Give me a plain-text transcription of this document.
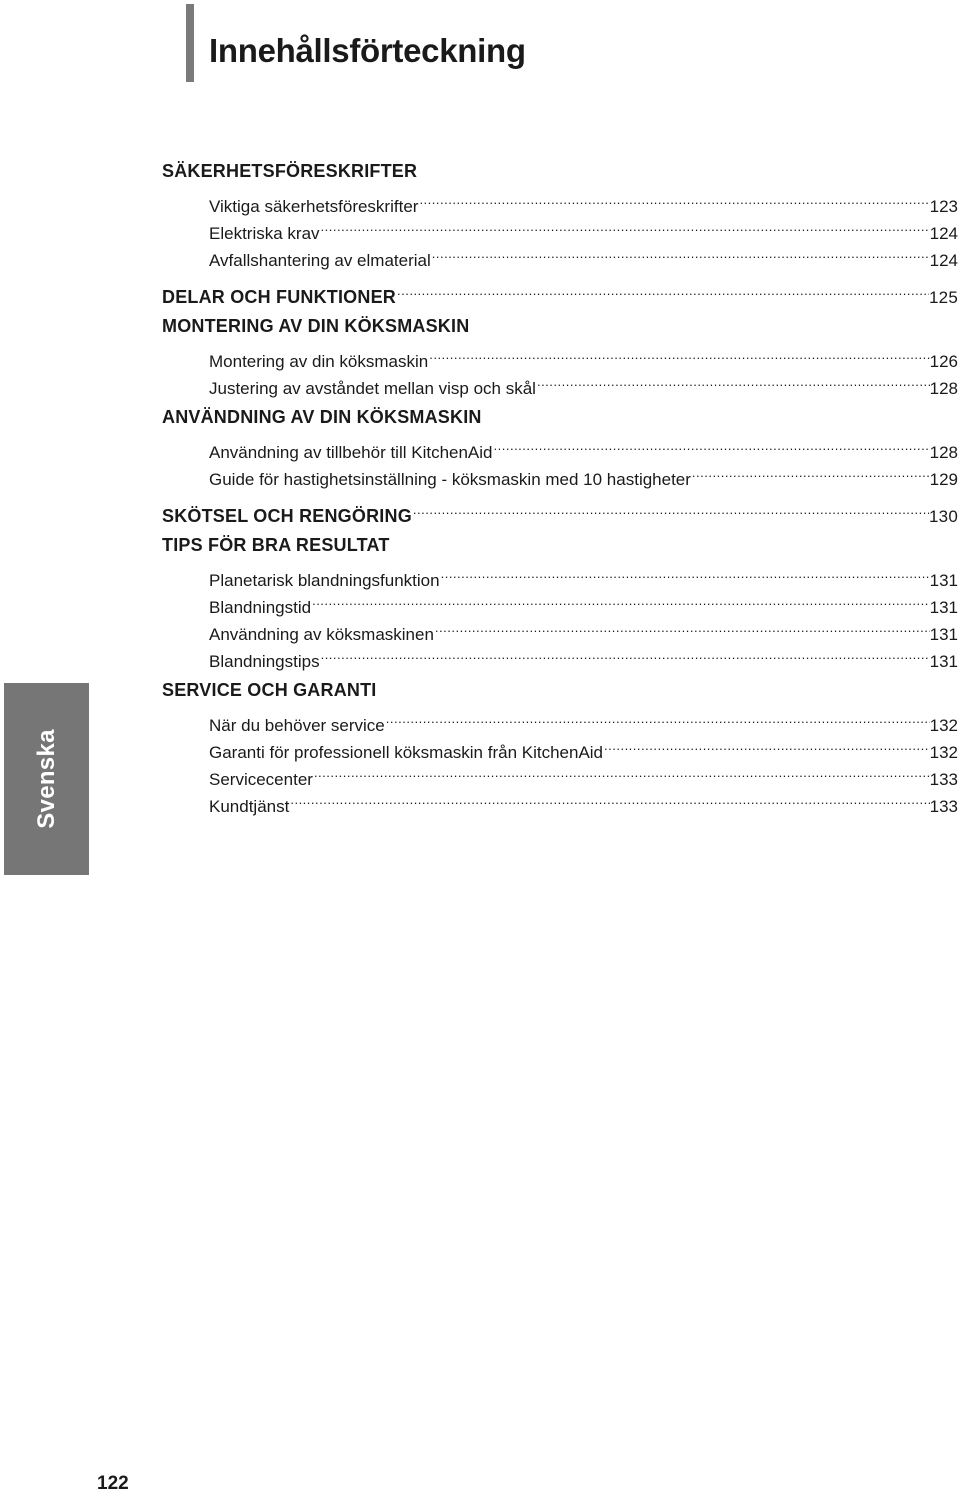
Innehållsförteckning
SÄKERHETSFÖRESKRIFTER
Viktiga säkerhetsföreskrifter .....	123
Elektriska krav .....	124
Avfallshantering av elmaterial .....	124
DELAR OCH FUNKTIONER .....	125
MONTERING AV DIN KÖKSMASKIN
Montering av din köksmaskin .....	126
Justering av avståndet mellan visp och skål .....	128
ANVÄNDNING AV DIN KÖKSMASKIN
Användning av tillbehör till KitchenAid .....	128
Guide för hastighetsinställning - köksmaskin med 10 hastigheter .....	129
SKÖTSEL OCH RENGÖRING .....	130
TIPS FÖR BRA RESULTAT
Planetarisk blandningsfunktion .....	131
Blandningstid .....	131
Användning av köksmaskinen .....	131
Blandningstips .....	131
SERVICE OCH GARANTI
När du behöver service .....	132
Garanti för professionell köksmaskin från KitchenAid .....	132
Servicecenter .....	133
Kundtjänst .....	133
Svenska
122
